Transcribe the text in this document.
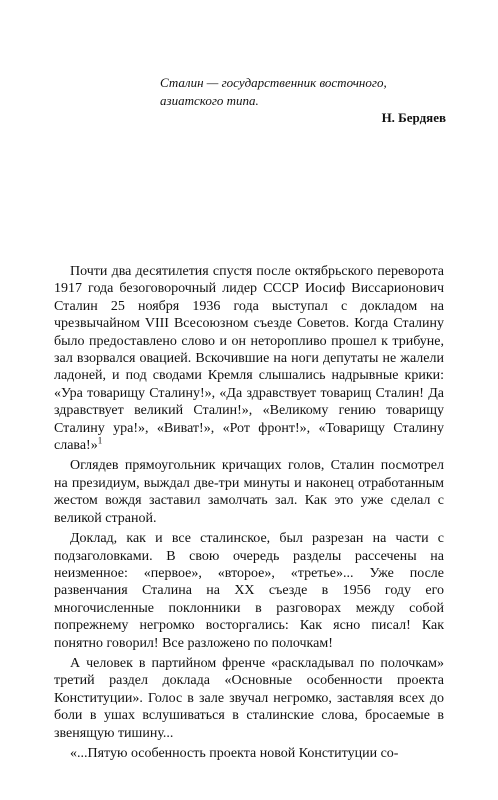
Сталин — государственник восточного, азиатского типа.
Н. Бердяев

Почти два десятилетия спустя после октябрьского переворота 1917 года безоговорочный лидер СССР Иосиф Виссарионович Сталин 25 ноября 1936 года выступал с докладом на чрезвычайном VIII Всесоюзном съезде Советов. Когда Сталину было предоставлено слово и он неторопливо прошел к трибуне, зал взорвался овацией. Вскочившие на ноги депутаты не жалели ладоней, и под сводами Кремля слышались надрывные крики: «Ура товарищу Сталину!», «Да здравствует товарищ Сталин! Да здравствует великий Сталин!», «Великому гению товарищу Сталину ура!», «Виват!», «Рот фронт!», «Товарищу Сталину слава!»$^1$

Оглядев прямоугольник кричащих голов, Сталин посмотрел на президиум, выждал две-три минуты и наконец отработанным жестом вождя заставил замолчать зал. Как это уже сделал с великой страной.

Доклад, как и все сталинское, был разрезан на части с подзаголовками. В свою очередь разделы рассечены на неизменное: «первое», «второе», «третье»... Уже после развенчания Сталина на XX съезде в 1956 году его многочисленные поклонники в разговорах между собой попрежнему негромко восторгались: Как ясно писал! Как понятно говорил! Все разложено по полочкам!

А человек в партийном френче «раскладывал по полочкам» третий раздел доклада «Основные особенности проекта Конституции». Голос в зале звучал негромко, заставляя всех до боли в ушах вслушиваться в сталинские слова, бросаемые в звенящую тишину...

«...Пятую особенность проекта новой Конституции со-
